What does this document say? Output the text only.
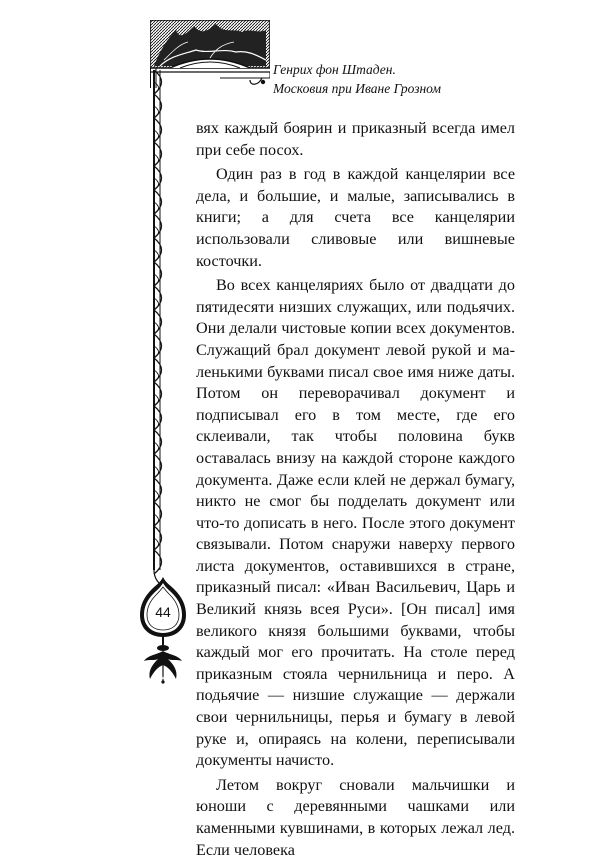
44
Генрих фон Штаден.
Московия при Иване Грозном

вях каждый боярин и приказный всегда имел при себе посох.

Один раз в год в каждой канцелярии все дела, и большие, и малые, записывались в книги; а для счета все канцелярии использовали сливовые или вишневые косточки.

Во всех канцеляриях было от двадцати до пятидесяти низших служащих, или подьячих. Они делали чистовые копии всех документов. Служащий брал документ левой рукой и маленькими буквами писал свое имя ниже даты. Потом он переворачивал документ и подписывал его в том месте, где его склеивали, так чтобы половина букв оставалась внизу на каждой стороне каждого документа. Даже если клей не держал бумагу, никто не смог бы подделать документ или что-то дописать в него. После этого документ связывали. Потом снаружи наверху первого листа документов, оставившихся в стране, приказный писал: «Иван Васильевич, Царь и Великий князь всея Руси». [Он писал] имя великого князя большими буквами, чтобы каждый мог его прочитать. На столе перед приказным стояла чернильница и перо. А подьячие — низшие служащие — держали свои чернильницы, перья и бумагу в левой руке и, опираясь на колени, переписывали документы начисто.

Летом вокруг сновали мальчишки и юноши с деревянными чашками или каменными кувшинами, в которых лежал лед. Если человека
